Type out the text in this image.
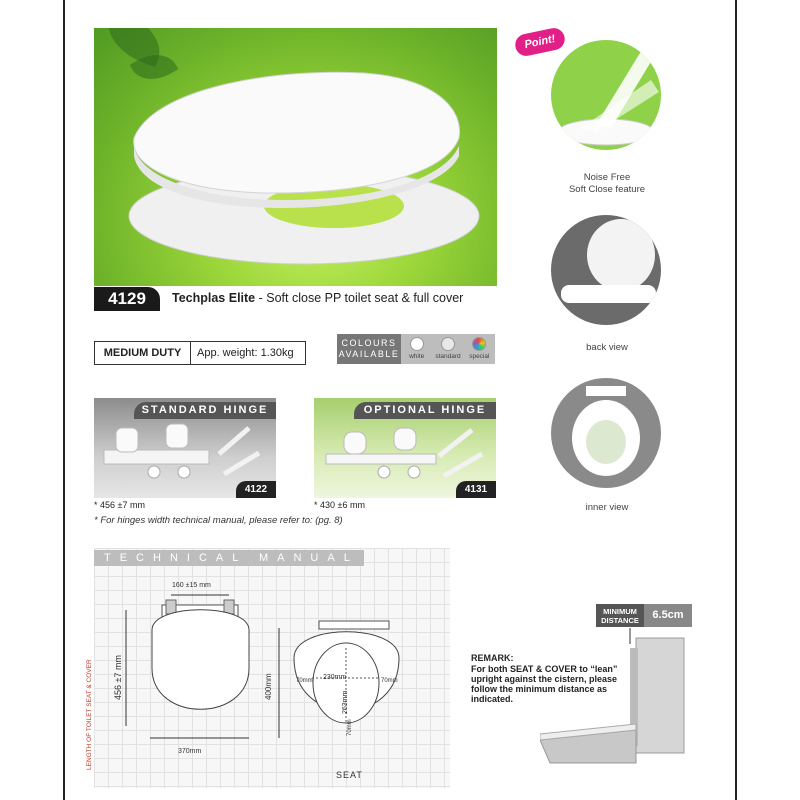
4129	Techplas Elite - Soft close PP toilet seat & full cover
MEDIUM DUTY	App. weight: 1.30kg
COLOURS
AVAILABLE	white	standard	special
STANDARD HINGE
4122
* 456 ±7 mm
OPTIONAL HINGE
4131
* 430 ±6 mm
* For hinges width technical manual, please refer to: (pg. 8)
Point!
Noise Free
Soft Close feature
back view
inner view
TECHNICAL MANUAL
160 ±15 mm
LENGTH OF TOILET SEAT & COVER 456 ±7 mm
370mm
400mm	230mm
263mm
70mm	70mm
70mm
SEAT
REMARK:
For both SEAT & COVER to “lean” upright against the cistern, please follow the minimum distance as indicated.
MINIMUM DISTANCE	6.5cm
